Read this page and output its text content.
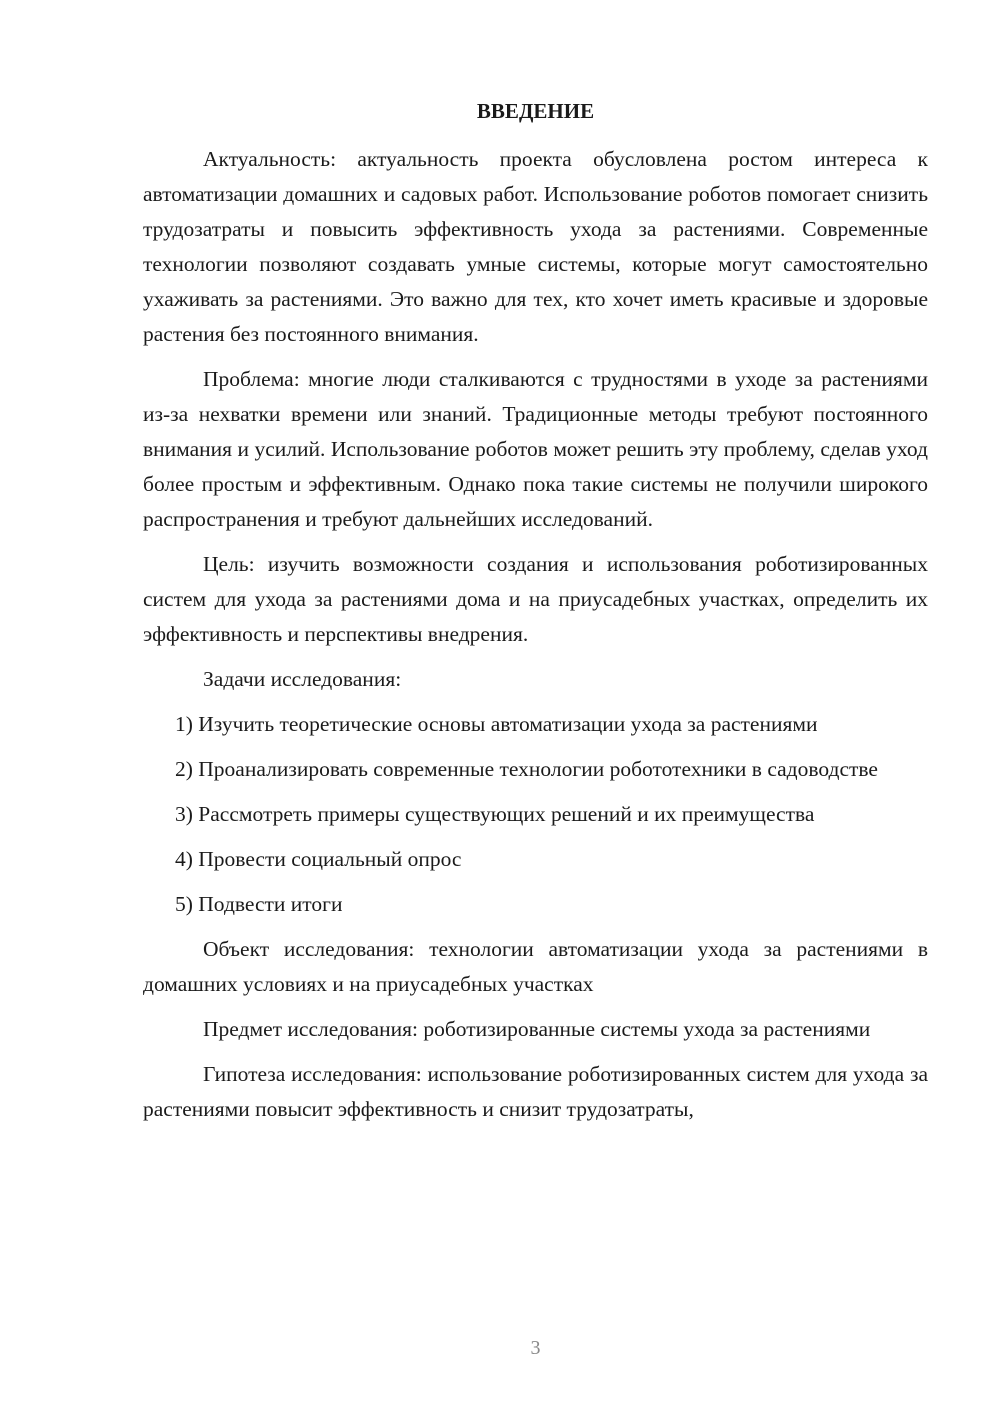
ВВЕДЕНИЕ

Актуальность: актуальность проекта обусловлена ростом интереса к автоматизации домашних и садовых работ. Использование роботов помогает снизить трудозатраты и повысить эффективность ухода за растениями. Современные технологии позволяют создавать умные системы, которые могут самостоятельно ухаживать за растениями. Это важно для тех, кто хочет иметь красивые и здоровые растения без постоянного внимания.

Проблема: многие люди сталкиваются с трудностями в уходе за растениями из-за нехватки времени или знаний. Традиционные методы требуют постоянного внимания и усилий. Использование роботов может решить эту проблему, сделав уход более простым и эффективным. Однако пока такие системы не получили широкого распространения и требуют дальнейших исследований.

Цель: изучить возможности создания и использования роботизированных систем для ухода за растениями дома и на приусадебных участках, определить их эффективность и перспективы внедрения.

Задачи исследования:

1) Изучить теоретические основы автоматизации ухода за растениями

2) Проанализировать современные технологии робототехники в садоводстве

3) Рассмотреть примеры существующих решений и их преимущества

4) Провести социальный опрос

5) Подвести итоги

Объект исследования: технологии автоматизации ухода за растениями в домашних условиях и на приусадебных участках

Предмет исследования: роботизированные системы ухода за растениями

Гипотеза исследования: использование роботизированных систем для ухода за растениями повысит эффективность и снизит трудозатраты,

3
